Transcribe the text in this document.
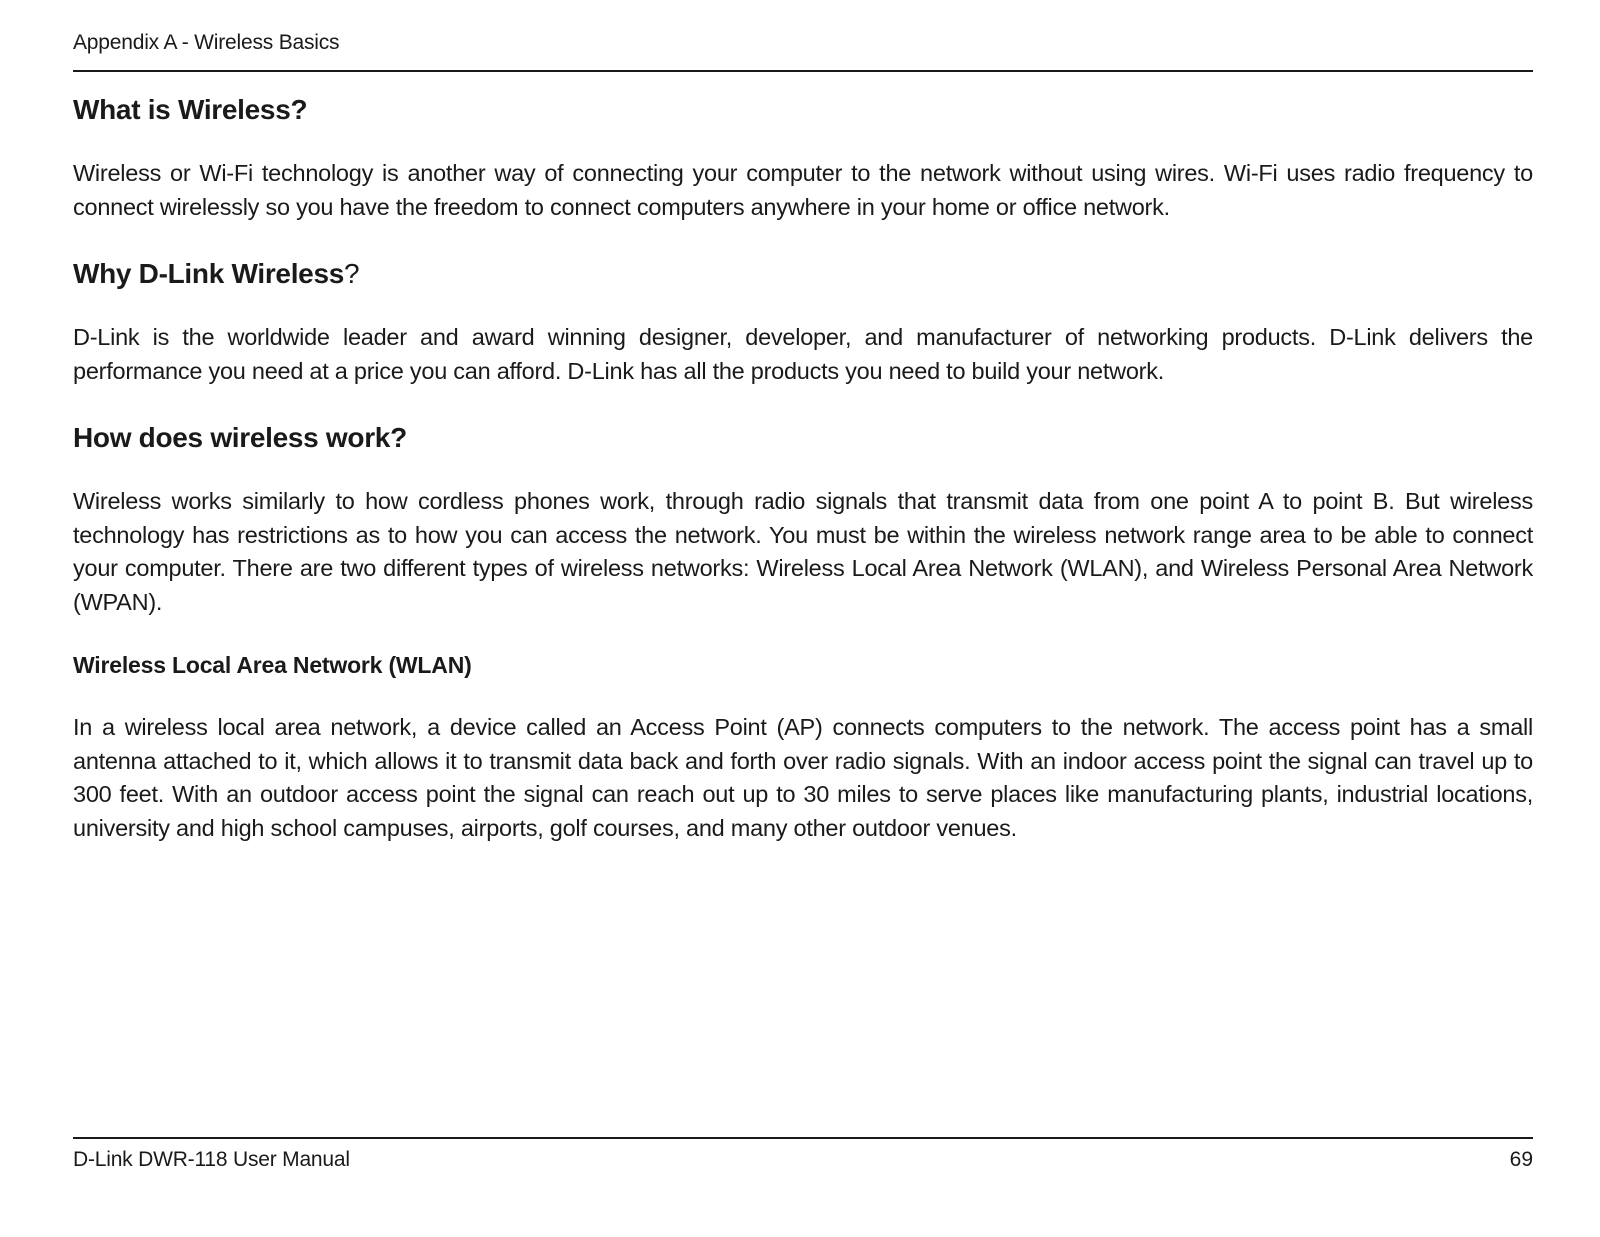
Appendix A - Wireless Basics
What is Wireless?

Wireless or Wi-Fi technology is another way of connecting your computer to the network without using wires. Wi-Fi uses radio frequency to connect wirelessly so you have the freedom to connect computers anywhere in your home or office network.

Why D-Link Wireless?

D-Link is the worldwide leader and award winning designer, developer, and manufacturer of networking products. D-Link delivers the performance you need at a price you can afford. D-Link has all the products you need to build your network.

How does wireless work?

Wireless works similarly to how cordless phones work, through radio signals that transmit data from one point A to point B. But wireless technology has restrictions as to how you can access the network. You must be within the wireless network range area to be able to connect your computer. There are two different types of wireless networks: Wireless Local Area Network (WLAN), and Wireless Personal Area Network (WPAN).

Wireless Local Area Network (WLAN)

In a wireless local area network, a device called an Access Point (AP) connects computers to the network. The access point has a small antenna attached to it, which allows it to transmit data back and forth over radio signals. With an indoor access point the signal can travel up to 300 feet. With an outdoor access point the signal can reach out up to 30 miles to serve places like manufacturing plants, industrial locations, university and high school campuses, airports, golf courses, and many other outdoor venues.

D-Link DWR-118 User Manual	69
